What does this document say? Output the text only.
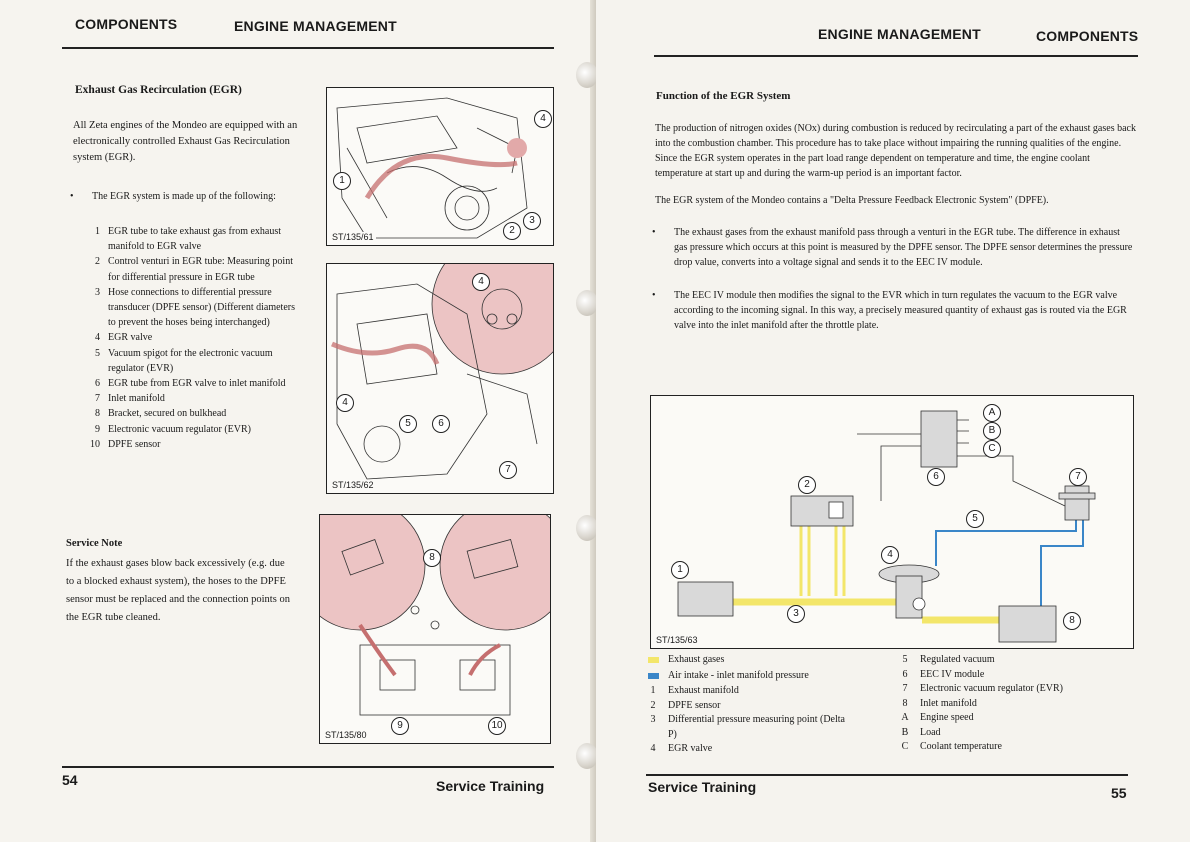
COMPONENTS	ENGINE MANAGEMENT
Exhaust Gas Recirculation (EGR)
All Zeta engines of the Mondeo are equipped with an electronically controlled Exhaust Gas Recirculation system (EGR).
•	The EGR system is made up of the following:
1 EGR tube to take exhaust gas from exhaust manifold to EGR valve
2 Control venturi in EGR tube: Measuring point for differential pressure in EGR tube
3 Hose connections to differential pressure transducer (DPFE sensor) (Different diameters to prevent the hoses being interchanged)
4 EGR valve
5 Vacuum spigot for the electronic vacuum regulator (EVR)
6 EGR tube from EGR valve to inlet manifold
7 Inlet manifold
8 Bracket, secured on bulkhead
9 Electronic vacuum regulator (EVR)
10 DPFE sensor
Service Note
If the exhaust gases blow back excessively (e.g. due to a blocked exhaust system), the hoses to the DPFE sensor must be replaced and the connection points on the EGR tube cleaned.
1
2
3
4
ST/135/61
4
4
5	6
7
ST/135/62
8
9	10
ST/135/80
54	Service Training
ENGINE MANAGEMENT	COMPONENTS
Function of the EGR System
The production of nitrogen oxides (NOx) during combustion is reduced by recirculating a part of the exhaust gases back into the combustion chamber. This procedure has to take place without impairing the running qualities of the engine. Since the EGR system operates in the part load range dependent on temperature and time, the engine coolant temperature at start up and during the warm-up period is an important factor.
The EGR system of the Mondeo contains a "Delta Pressure Feedback Electronic System" (DPFE).
•	The exhaust gases from the exhaust manifold pass through a venturi in the EGR tube. The difference in exhaust gas pressure which occurs at this point is measured by the DPFE sensor. The DPFE sensor determines the pressure drop value, converts into a voltage signal and sends it to the EEC IV module.
•	The EEC IV module then modifies the signal to the EVR which in turn regulates the vacuum to the EGR valve according to the incoming signal. In this way, a precisely measured quantity of exhaust gas is routed via the EGR valve into the inlet manifold after the throttle plate.
1
2
3
4
5
6	7
8
A
B
C
ST/135/63
Exhaust gases
Air intake - inlet manifold pressure
1	Exhaust manifold
2	DPFE sensor
3	Differential pressure measuring point (Delta P)
4	EGR valve
5	Regulated vacuum
6	EEC IV module
7	Electronic vacuum regulator (EVR)
8	Inlet manifold
A	Engine speed
B	Load
C	Coolant temperature
Service Training	55
